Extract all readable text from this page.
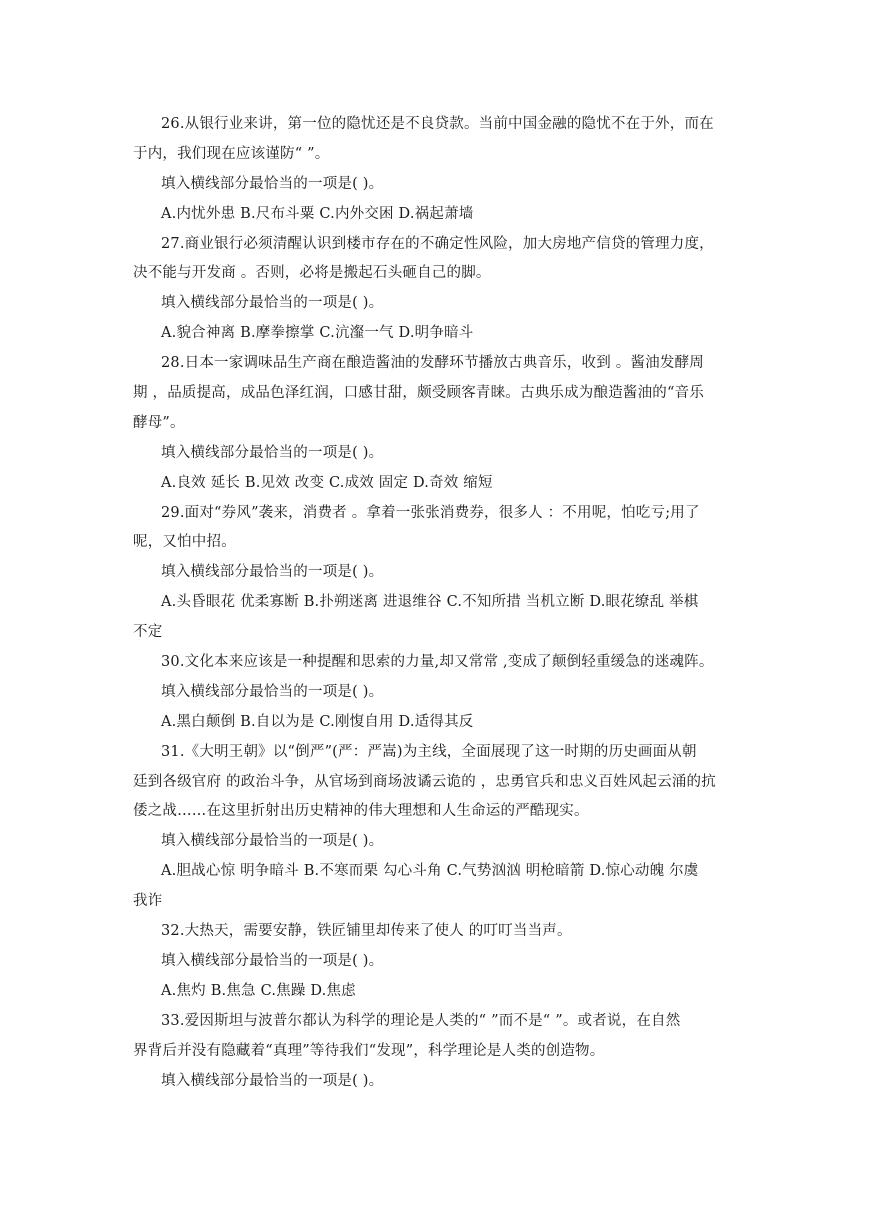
26.从银行业来讲，第一位的隐忧还是不良贷款。当前中国金融的隐忧不在于外，而在
于内，我们现在应该谨防“ ”。
填入横线部分最恰当的一项是( )。
A.内忧外患 B.尺布斗粟 C.内外交困 D.祸起萧墙
27.商业银行必须清醒认识到楼市存在的不确定性风险，加大房地产信贷的管理力度，
决不能与开发商 。否则，必将是搬起石头砸自己的脚。
填入横线部分最恰当的一项是( )。
A.貌合神离 B.摩拳擦掌 C.沆瀣一气 D.明争暗斗
28.日本一家调味品生产商在酿造酱油的发酵环节播放古典音乐，收到 。酱油发酵周
期 ，品质提高，成品色泽红润，口感甘甜，颇受顾客青睐。古典乐成为酿造酱油的“音乐
酵母”。
填入横线部分最恰当的一项是( )。
A.良效 延长 B.见效 改变 C.成效 固定 D.奇效 缩短
29.面对“券风”袭来，消费者 。拿着一张张消费券，很多人 ：不用呢，怕吃亏;用了
呢，又怕中招。
填入横线部分最恰当的一项是( )。
A.头昏眼花 优柔寡断 B.扑朔迷离 进退维谷 C.不知所措 当机立断 D.眼花缭乱 举棋
不定
30.文化本来应该是一种提醒和思索的力量,却又常常 ,变成了颠倒轻重缓急的迷魂阵。
填入横线部分最恰当的一项是( )。
A.黑白颠倒 B.自以为是 C.刚愎自用 D.适得其反
31.《大明王朝》以“倒严”(严：严嵩)为主线，全面展现了这一时期的历史画面从朝
廷到各级官府 的政治斗争，从官场到商场波谲云诡的 ，忠勇官兵和忠义百姓风起云涌的抗
倭之战……在这里折射出历史精神的伟大理想和人生命运的严酷现实。
填入横线部分最恰当的一项是( )。
A.胆战心惊 明争暗斗 B.不寒而栗 勾心斗角 C.气势汹汹 明枪暗箭 D.惊心动魄 尔虞
我诈
32.大热天，需要安静，铁匠铺里却传来了使人 的叮叮当当声。
填入横线部分最恰当的一项是( )。
A.焦灼 B.焦急 C.焦躁 D.焦虑
33.爱因斯坦与波普尔都认为科学的理论是人类的“ ”而不是“ ”。或者说，在自然
界背后并没有隐藏着“真理”等待我们“发现”，科学理论是人类的创造物。
填入横线部分最恰当的一项是( )。
